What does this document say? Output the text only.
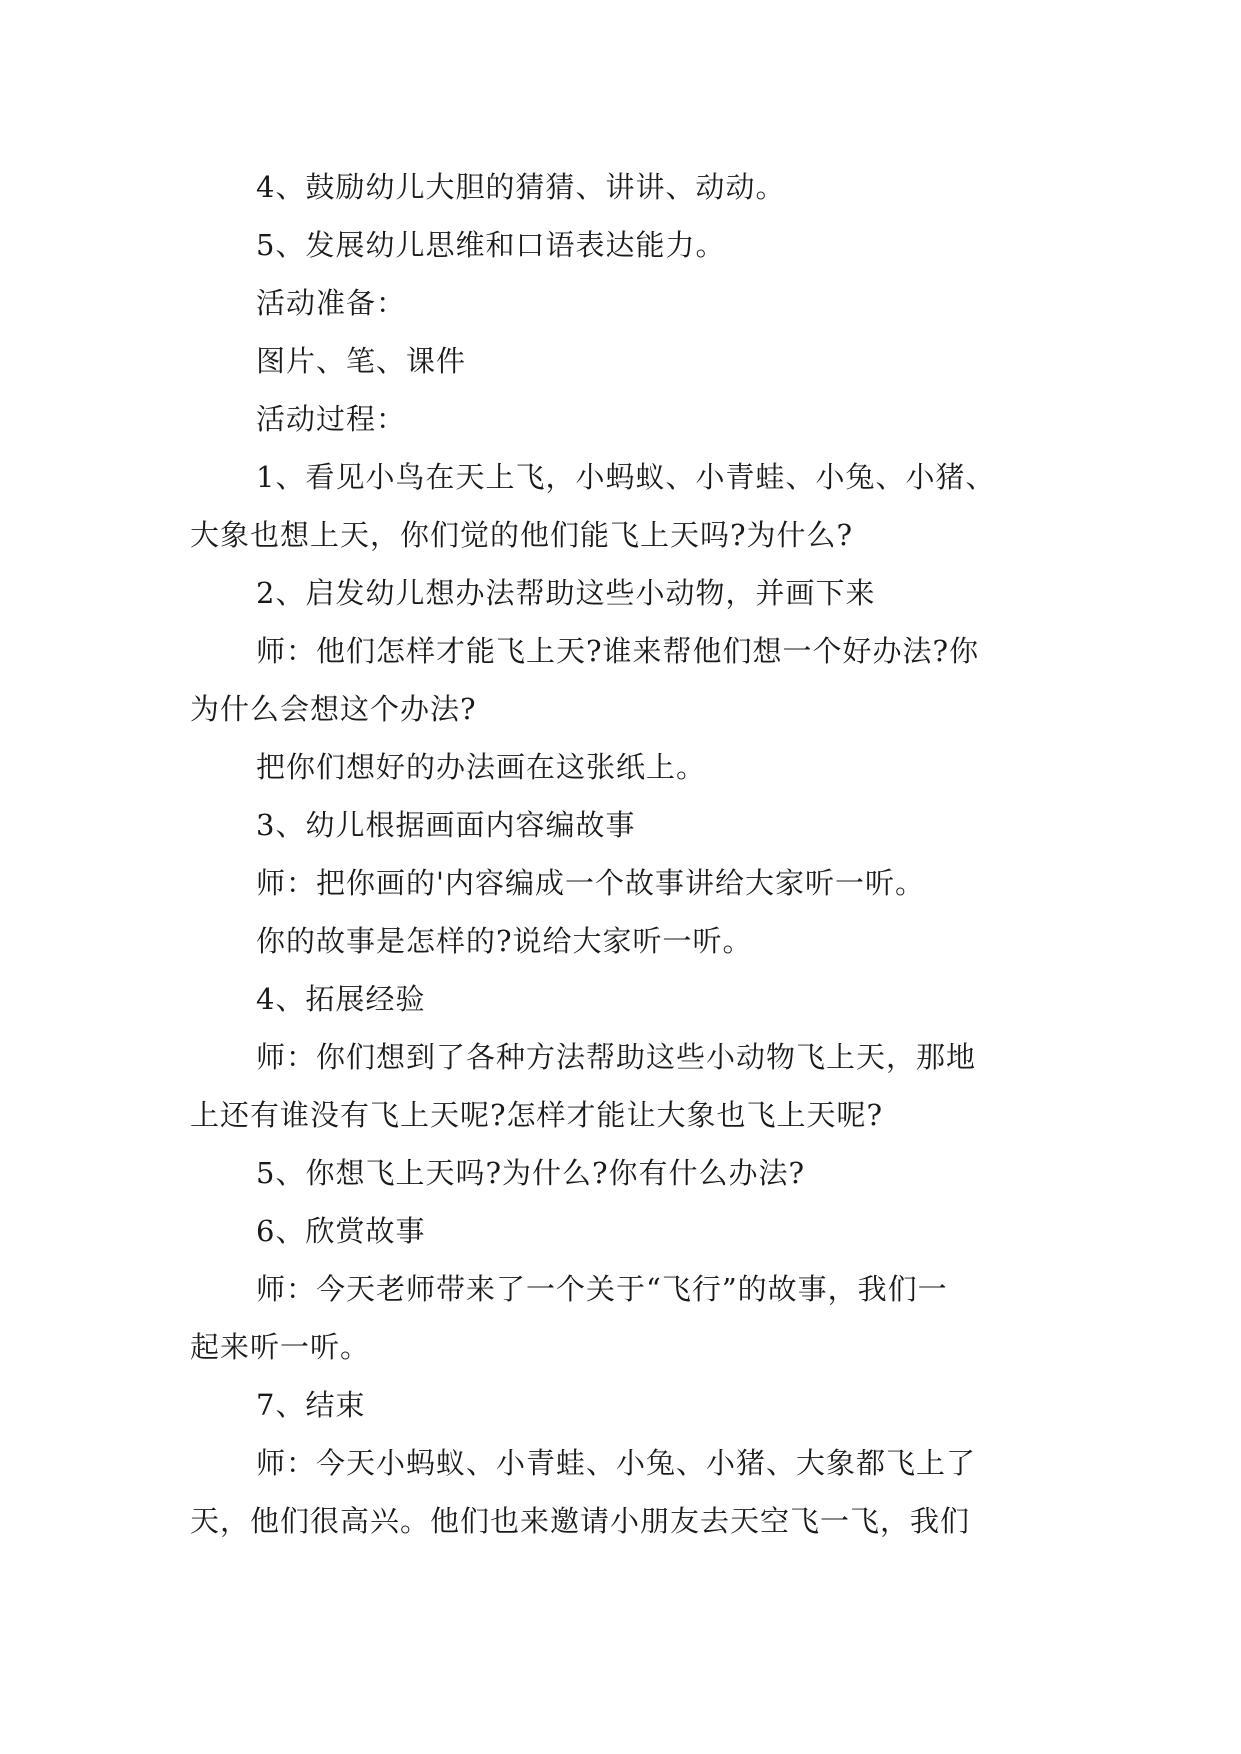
4、鼓励幼儿大胆的猜猜、讲讲、动动。
5、发展幼儿思维和口语表达能力。
活动准备：
图片、笔、课件
活动过程：
1、看见小鸟在天上飞，小蚂蚁、小青蛙、小兔、小猪、
大象也想上天，你们觉的他们能飞上天吗?为什么?
2、启发幼儿想办法帮助这些小动物，并画下来
师：他们怎样才能飞上天?谁来帮他们想一个好办法?你
为什么会想这个办法?
把你们想好的办法画在这张纸上。
3、幼儿根据画面内容编故事
师：把你画的'内容编成一个故事讲给大家听一听。
你的故事是怎样的?说给大家听一听。
4、拓展经验
师：你们想到了各种方法帮助这些小动物飞上天，那地
上还有谁没有飞上天呢?怎样才能让大象也飞上天呢?
5、你想飞上天吗?为什么?你有什么办法?
6、欣赏故事
师：今天老师带来了一个关于“飞行”的故事，我们一
起来听一听。
7、结束
师：今天小蚂蚁、小青蛙、小兔、小猪、大象都飞上了
天，他们很高兴。他们也来邀请小朋友去天空飞一飞，我们
